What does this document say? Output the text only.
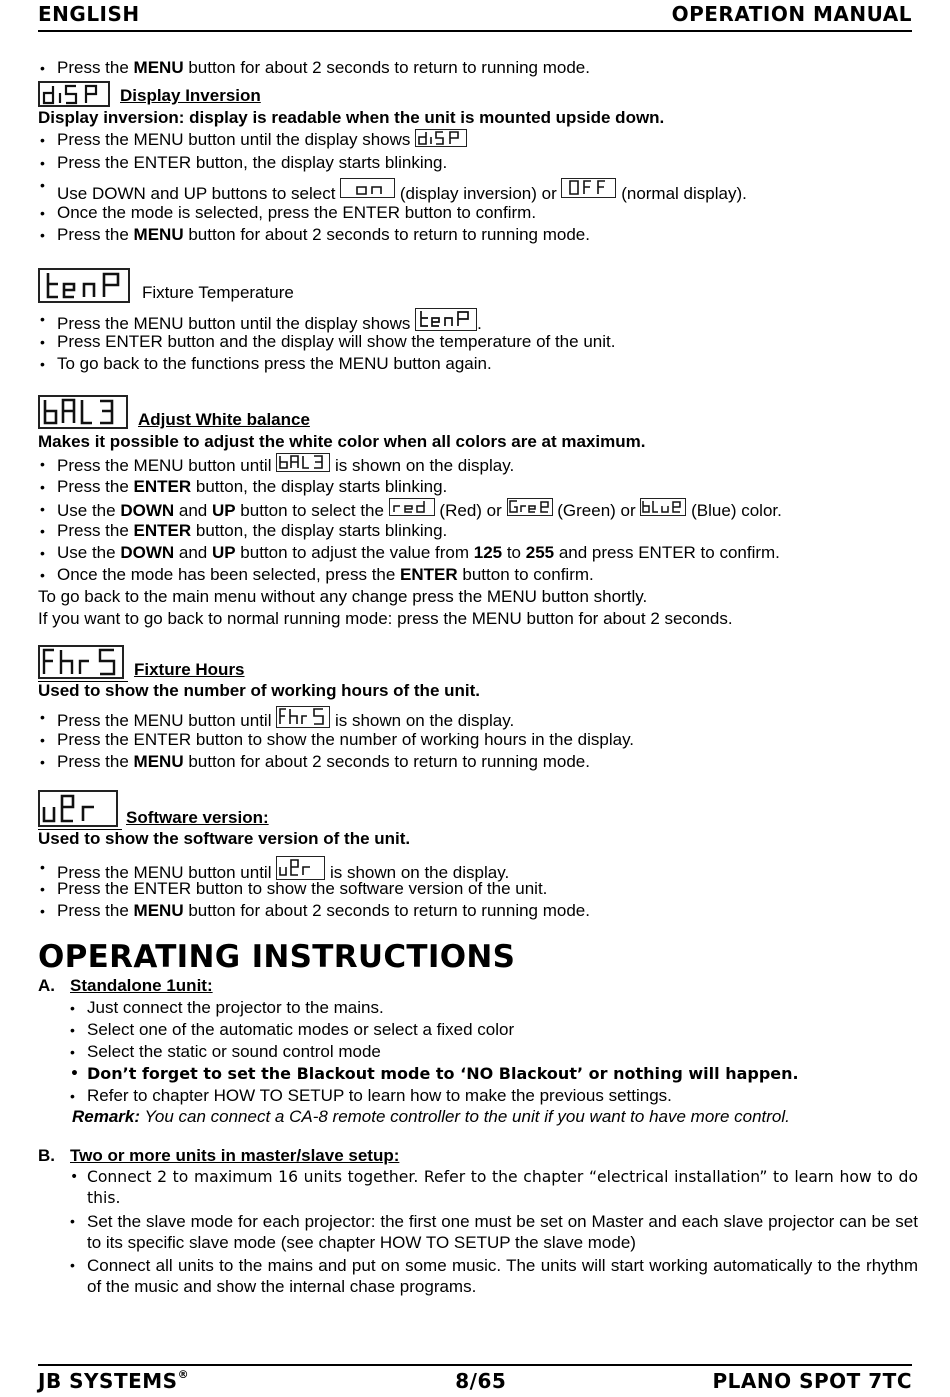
ENGLISH	OPERATION MANUAL
• Press the MENU button for about 2 seconds to return to running mode.
Display Inversion
Display inversion: display is readable when the unit is mounted upside down.
• Press the MENU button until the display shows
• Press the ENTER button, the display starts blinking.
• Use DOWN and UP buttons to select	(display inversion) or	(normal display).
• Once the mode is selected, press the ENTER button to confirm.
• Press the MENU button for about 2 seconds to return to running mode.
Fixture Temperature
• Press the MENU button until the display shows	.
• Press ENTER button and the display will show the temperature of the unit.
• To go back to the functions press the MENU button again.
Adjust White balance
Makes it possible to adjust the white color when all colors are at maximum.
• Press the MENU button until	is shown on the display.
• Press the ENTER button, the display starts blinking.
• Use the DOWN and UP button to select the	(Red) or	(Green) or	(Blue) color.
• Press the ENTER button, the display starts blinking.
• Use the DOWN and UP button to adjust the value from 125 to 255 and press ENTER to confirm.
• Once the mode has been selected, press the ENTER button to confirm.
To go back to the main menu without any change press the MENU button shortly.
If you want to go back to normal running mode: press the MENU button for about 2 seconds.
Fixture Hours
Used to show the number of working hours of the unit.
• Press the MENU button until	is shown on the display.
• Press the ENTER button to show the number of working hours in the display.
• Press the MENU button for about 2 seconds to return to running mode.
Software version:
Used to show the software version of the unit.
• Press the MENU button until	is shown on the display.
• Press the ENTER button to show the software version of the unit.
• Press the MENU button for about 2 seconds to return to running mode.
OPERATING INSTRUCTIONS
A. Standalone 1unit:
• Just connect the projector to the mains.
• Select one of the automatic modes or select a fixed color
• Select the static or sound control mode
• Don’t forget to set the Blackout mode to ‘NO Blackout’ or nothing will happen.
• Refer to chapter HOW TO SETUP to learn how to make the previous settings.
Remark: You can connect a CA-8 remote controller to the unit if you want to have more control.
B. Two or more units in master/slave setup:
• Connect 2 to maximum 16 units together. Refer to the chapter “electrical installation” to learn how to do this.
• Set the slave mode for each projector: the first one must be set on Master and each slave projector can be set to its specific slave mode (see chapter HOW TO SETUP the slave mode)
• Connect all units to the mains and put on some music. The units will start working automatically to the rhythm of the music and show the internal chase programs.
JB SYSTEMS®	8/65	PLANO SPOT 7TC
